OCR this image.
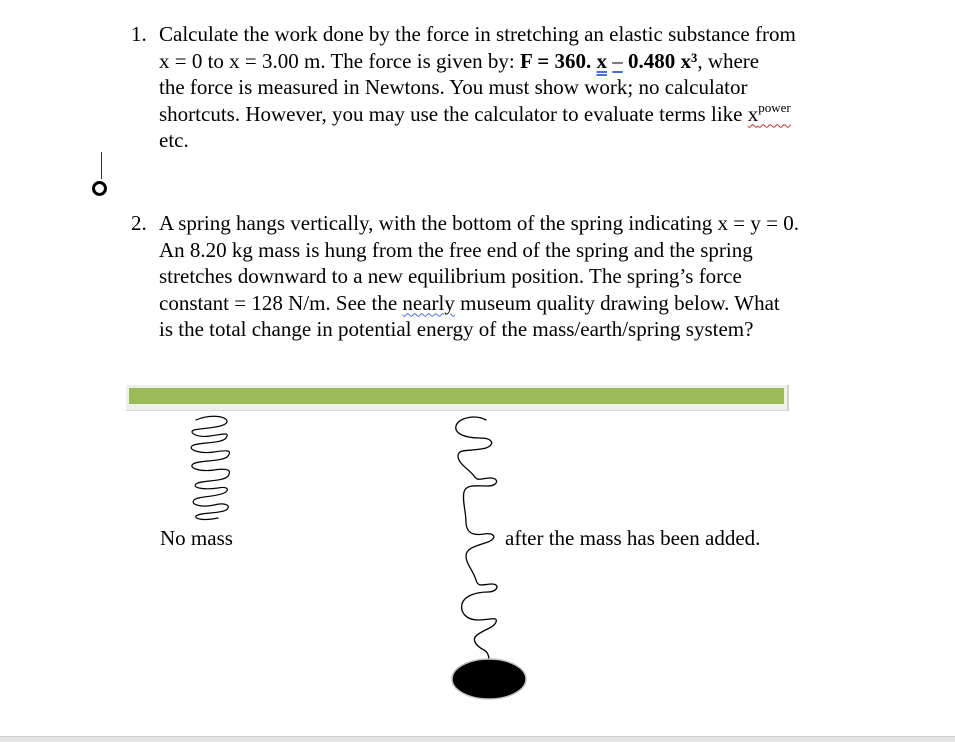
1. Calculate the work done by the force in stretching an elastic substance from
x = 0 to x = 3.00 m. The force is given by: F = 360. x – 0.480 x³, where
the force is measured in Newtons. You must show work; no calculator
shortcuts. However, you may use the calculator to evaluate terms like $x^{power}$
etc.
2. A spring hangs vertically, with the bottom of the spring indicating x = y = 0.
An 8.20 kg mass is hung from the free end of the spring and the spring
stretches downward to a new equilibrium position. The spring’s force
constant = 128 N/m. See the nearly museum quality drawing below. What
is the total change in potential energy of the mass/earth/spring system?
No mass	after the mass has been added.
